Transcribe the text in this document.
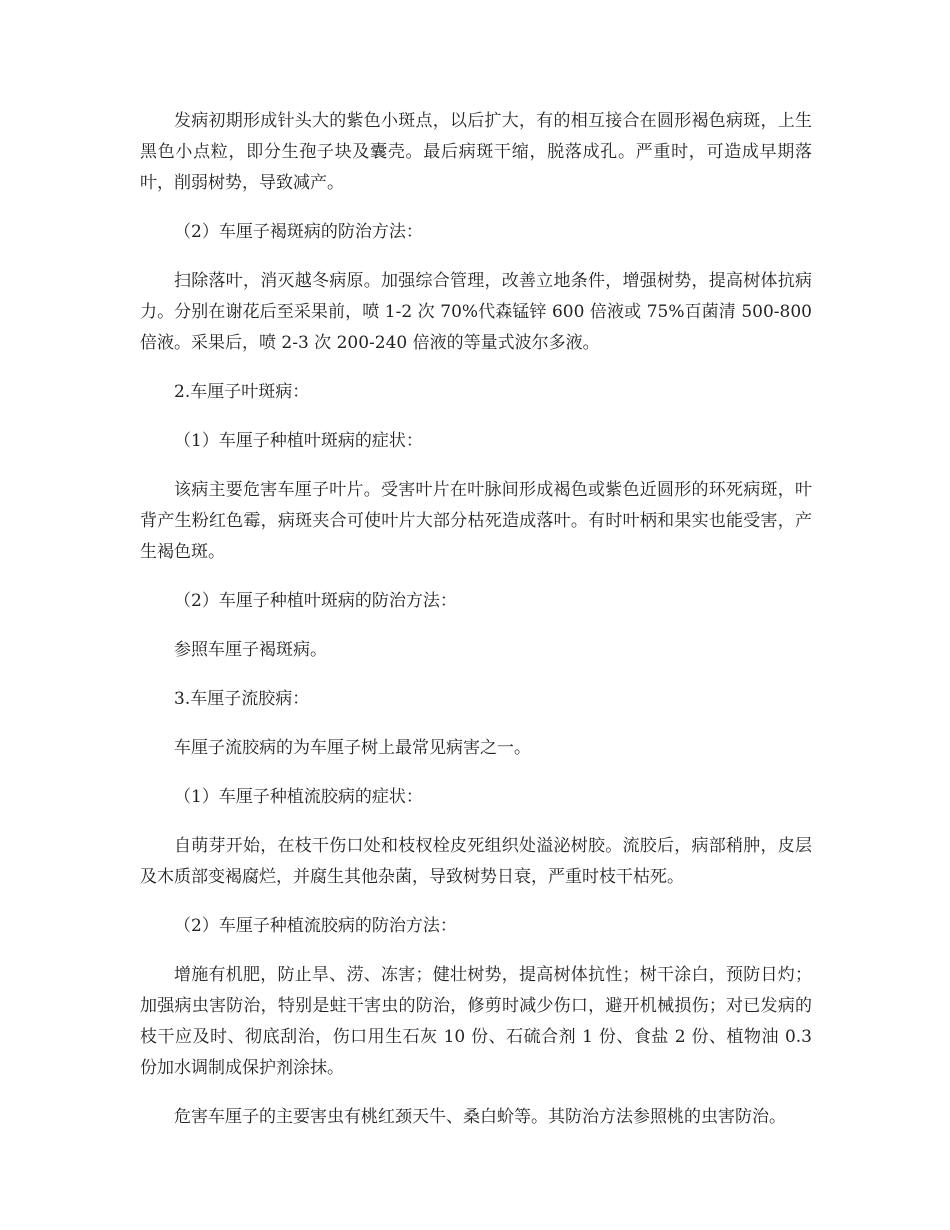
发病初期形成针头大的紫色小斑点，以后扩大，有的相互接合在圆形褐色病斑，上生黑色小点粒，即分生孢子块及囊壳。最后病斑干缩，脱落成孔。严重时，可造成早期落叶，削弱树势，导致减产。

（2）车厘子褐斑病的防治方法：

扫除落叶，消灭越冬病原。加强综合管理，改善立地条件，增强树势，提高树体抗病力。分别在谢花后至采果前，喷 1-2 次 70%代森锰锌 600 倍液或 75%百菌清 500-800 倍液。采果后，喷 2-3 次 200-240 倍液的等量式波尔多液。

2.车厘子叶斑病：

（1）车厘子种植叶斑病的症状：

该病主要危害车厘子叶片。受害叶片在叶脉间形成褐色或紫色近圆形的环死病斑，叶背产生粉红色霉，病斑夹合可使叶片大部分枯死造成落叶。有时叶柄和果实也能受害，产生褐色斑。

（2）车厘子种植叶斑病的防治方法：

参照车厘子褐斑病。

3.车厘子流胶病：

车厘子流胶病的为车厘子树上最常见病害之一。

（1）车厘子种植流胶病的症状：

自萌芽开始，在枝干伤口处和枝杈栓皮死组织处溢泌树胶。流胶后，病部稍肿，皮层及木质部变褐腐烂，并腐生其他杂菌，导致树势日衰，严重时枝干枯死。

（2）车厘子种植流胶病的防治方法：

增施有机肥，防止旱、涝、冻害；健壮树势，提高树体抗性；树干涂白，预防日灼；加强病虫害防治，特别是蛀干害虫的防治，修剪时减少伤口，避开机械损伤；对已发病的枝干应及时、彻底刮治，伤口用生石灰 10 份、石硫合剂 1 份、食盐 2 份、植物油 0.3 份加水调制成保护剂涂抹。

危害车厘子的主要害虫有桃红颈天牛、桑白蚧等。其防治方法参照桃的虫害防治。
